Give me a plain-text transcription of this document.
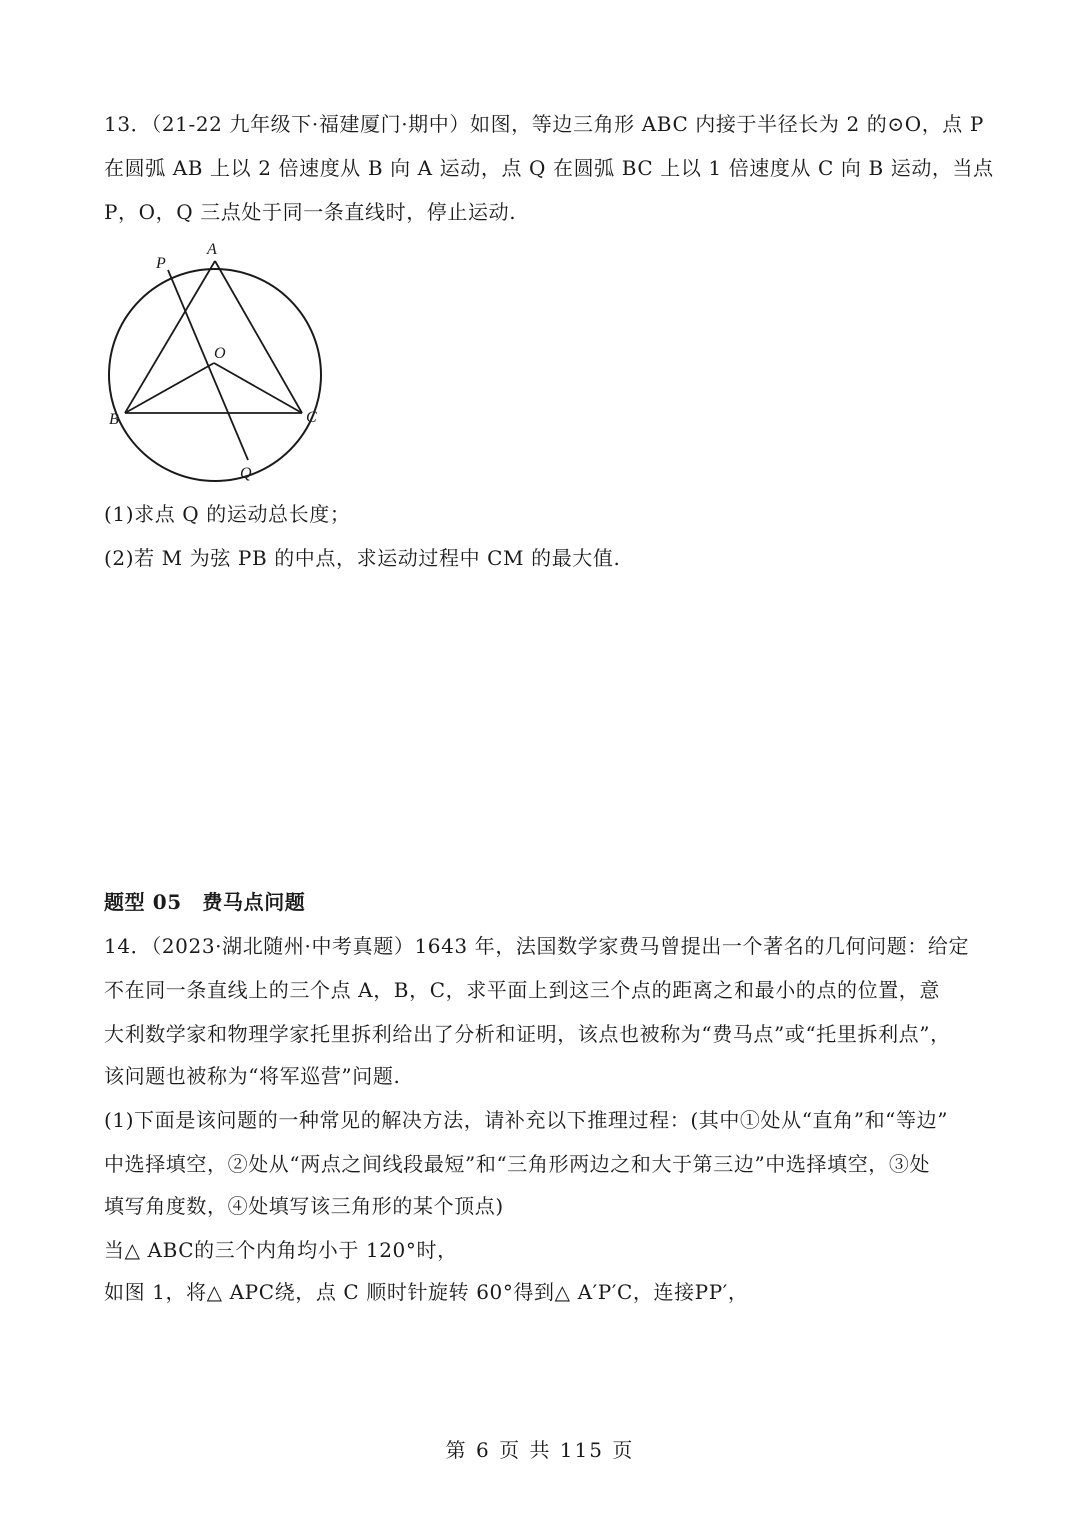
13．（21-22 九年级下·福建厦门·期中）如图，等边三角形 ABC 内接于半径长为 2 的⊙O，点 P
在圆弧 AB 上以 2 倍速度从 B 向 A 运动，点 Q 在圆弧 BC 上以 1 倍速度从 C 向 B 运动，当点
P，O，Q 三点处于同一条直线时，停止运动.
A
P
O
B	C
Q
(1)求点 Q 的运动总长度；
(2)若 M 为弦 PB 的中点，求运动过程中 CM 的最大值.
题型 05　费马点问题
14．（2023·湖北随州·中考真题）1643 年，法国数学家费马曾提出一个著名的几何问题：给定
不在同一条直线上的三个点 A，B，C，求平面上到这三个点的距离之和最小的点的位置，意
大利数学家和物理学家托里拆利给出了分析和证明，该点也被称为“费马点”或“托里拆利点”，
该问题也被称为“将军巡营”问题.
(1)下面是该问题的一种常见的解决方法，请补充以下推理过程：(其中①处从“直角”和“等边”
中选择填空，②处从“两点之间线段最短”和“三角形两边之和大于第三边”中选择填空，③处
填写角度数，④处填写该三角形的某个顶点)
当△ ABC的三个内角均小于 120°时，
如图 1，将△ APC绕，点 C 顺时针旋转 60°得到△ A′P′C，连接PP′，
第 6 页 共 115 页
